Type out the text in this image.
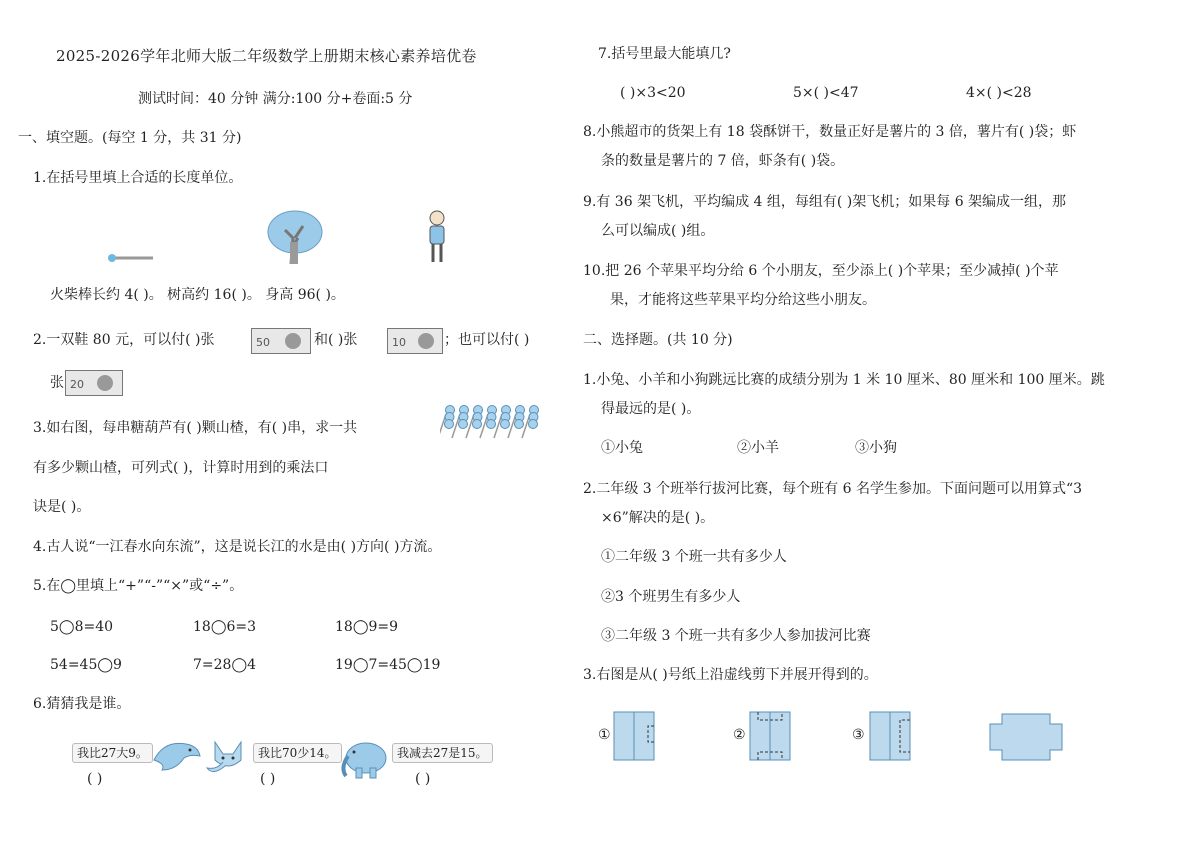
2025-2026学年北师大版二年级数学上册期末核心素养培优卷
测试时间：40 分钟 满分:100 分+卷面:5 分
一、填空题。(每空 1 分，共 31 分)
1.在括号里填上合适的长度单位。
火柴棒长约 4( )。 树高约 16( )。 身高 96( )。
2.一双鞋 80 元，可以付( )张	50	和( )张	10	；也可以付( )
张 20
3.如右图，每串糖葫芦有( )颗山楂，有( )串，求一共
有多少颗山楂，可列式( )，计算时用到的乘法口
诀是( )。
4.古人说“一江春水向东流”，这是说长江的水是由( )方向( )方流。
5.在◯里填上“+”“-”“×”或“÷”。
5◯8=40	18◯6=3	18◯9=9
54=45◯9	7=28◯4	19◯7=45◯19
6.猜猜我是谁。
我比27大9。	我比70少14。	我减去27是15。
( )	( )	( )
7.括号里最大能填几?
( )×3<20	5×( )<47	4×( )<28
8.小熊超市的货架上有 18 袋酥饼干，数量正好是薯片的 3 倍，薯片有( )袋；虾
条的数量是薯片的 7 倍，虾条有( )袋。
9.有 36 架飞机，平均编成 4 组，每组有( )架飞机；如果每 6 架编成一组，那
么可以编成( )组。
10.把 26 个苹果平均分给 6 个小朋友，至少添上( )个苹果；至少减掉( )个苹
果，才能将这些苹果平均分给这些小朋友。
二、选择题。(共 10 分)
1.小兔、小羊和小狗跳远比赛的成绩分别为 1 米 10 厘米、80 厘米和 100 厘米。跳
得最远的是( )。
①小兔	②小羊	③小狗
2.二年级 3 个班举行拔河比赛，每个班有 6 名学生参加。下面问题可以用算式“3
×6”解决的是( )。
①二年级 3 个班一共有多少人
②3 个班男生有多少人
③二年级 3 个班一共有多少人参加拔河比赛
3.右图是从( )号纸上沿虚线剪下并展开得到的。
①	②	③
